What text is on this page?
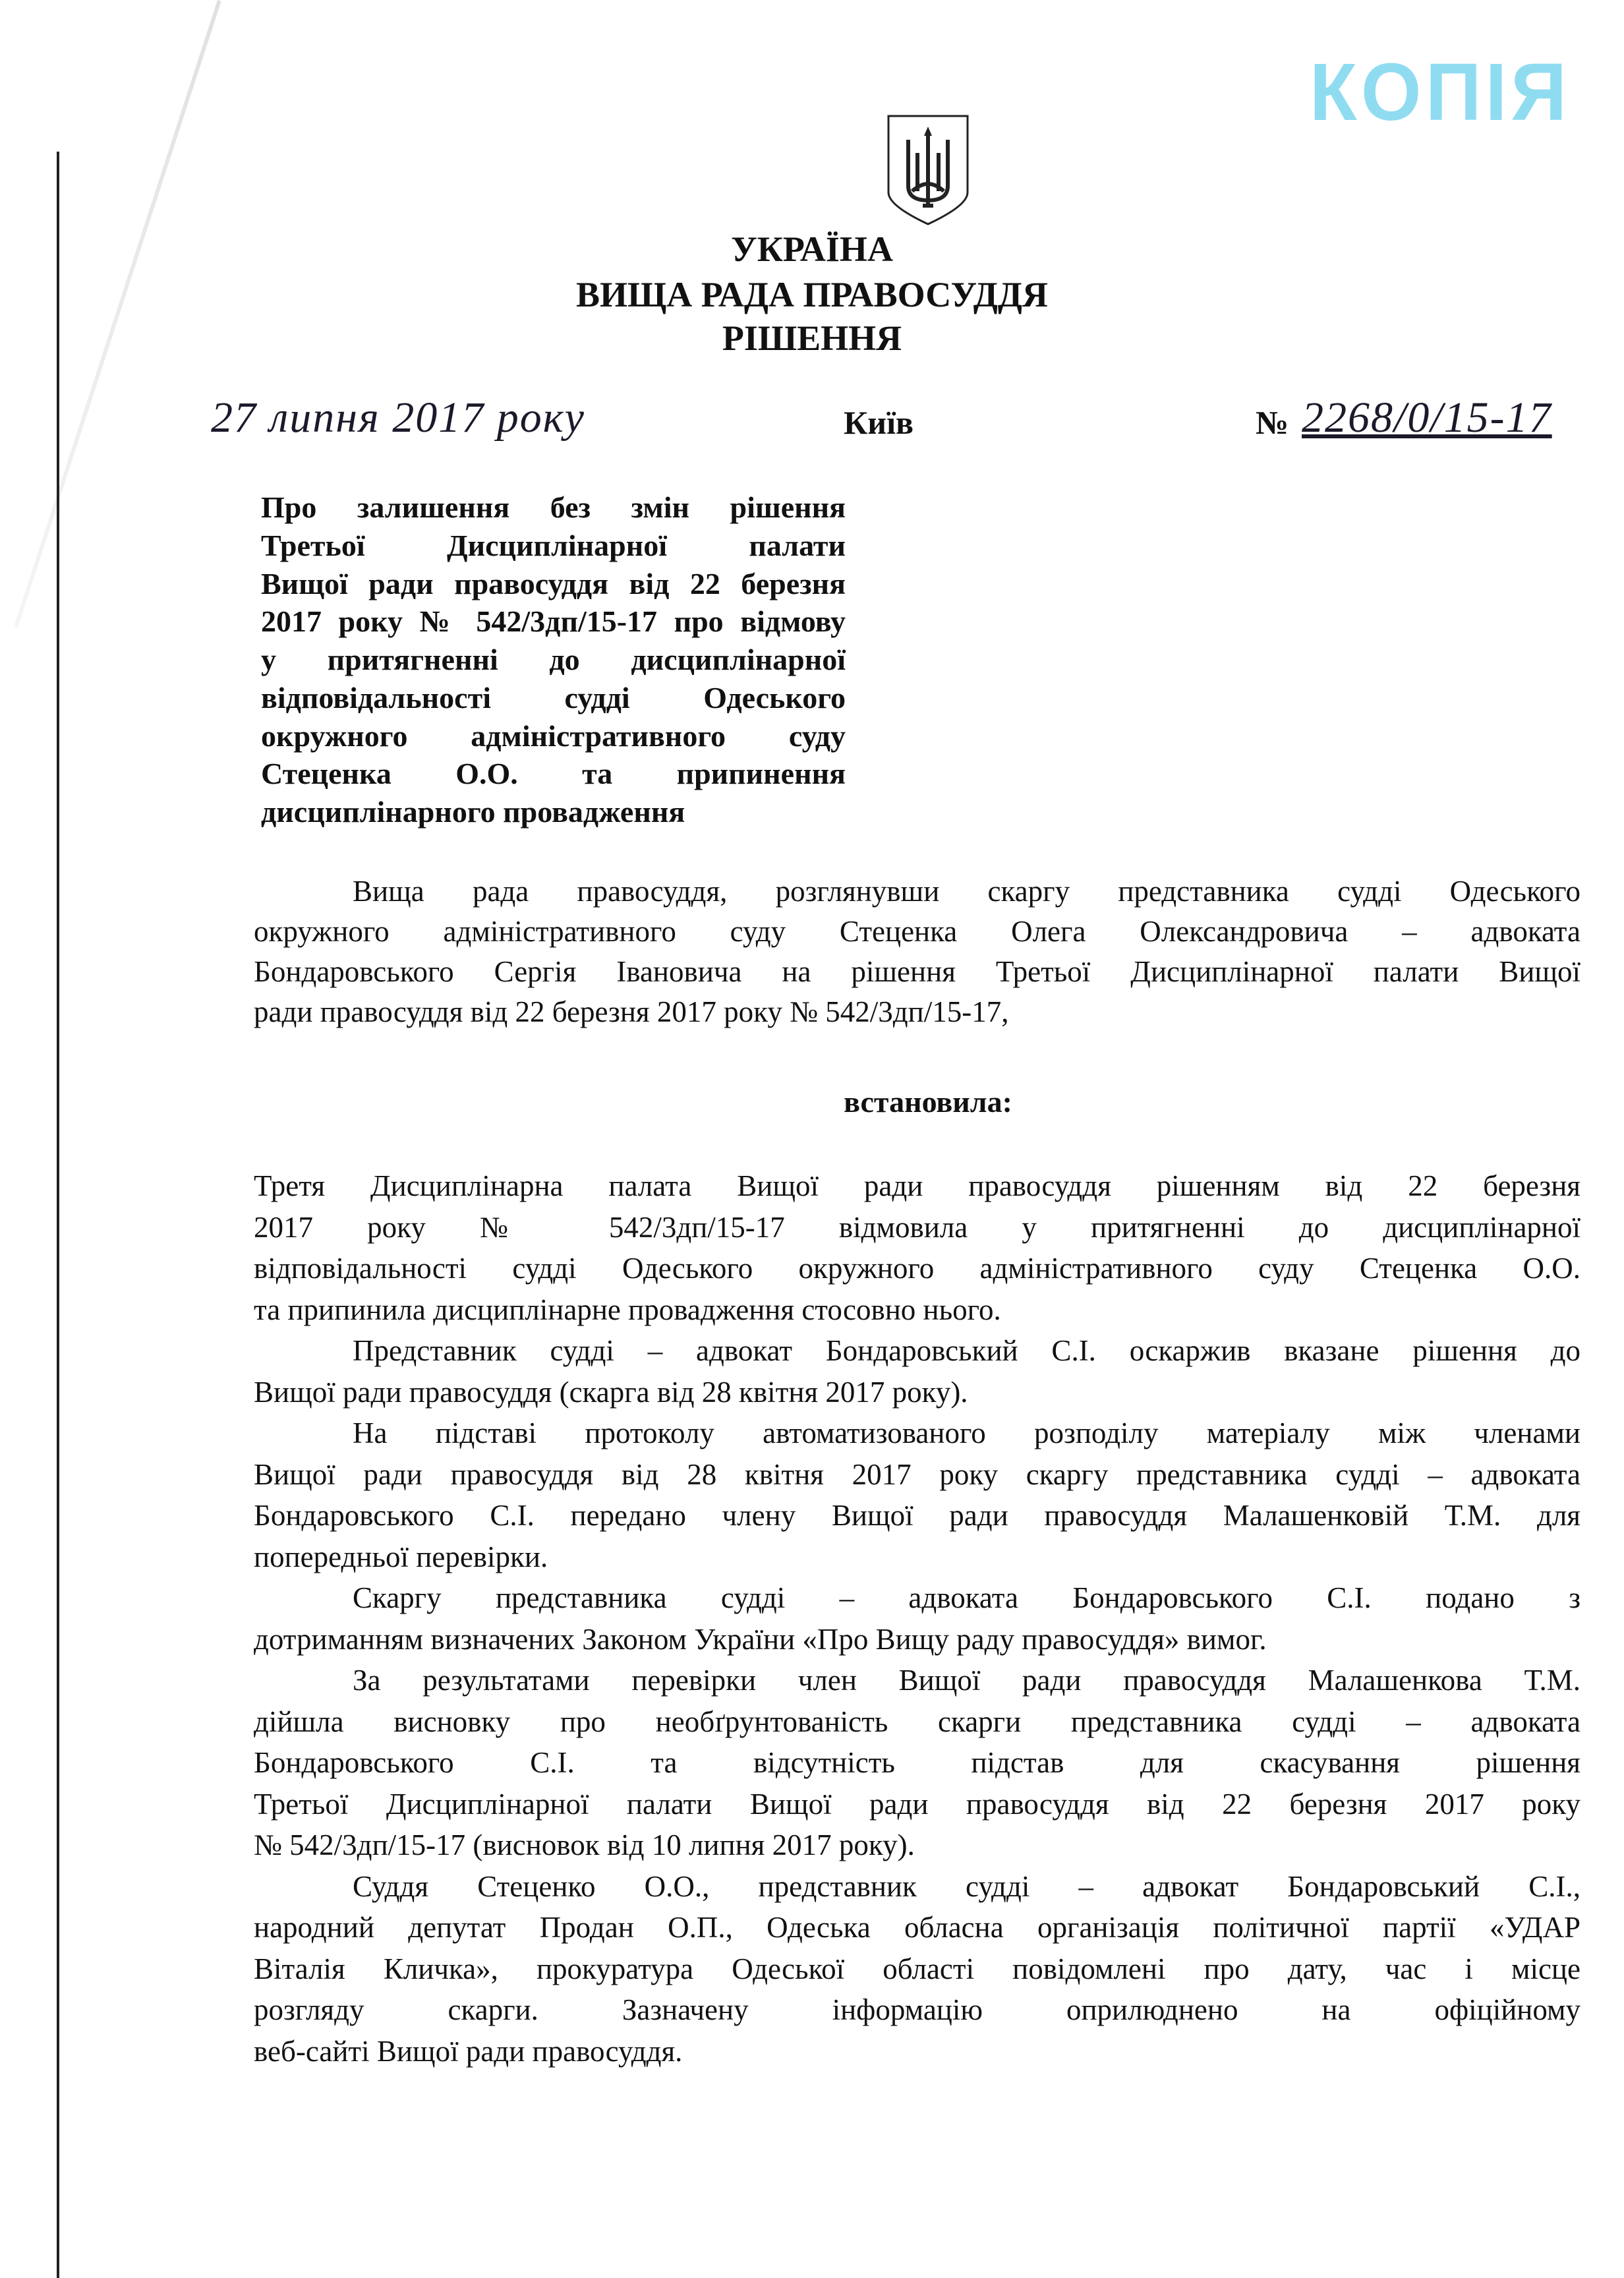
КОПІЯ
УКРАЇНА
ВИЩА РАДА ПРАВОСУДДЯ
РІШЕННЯ
27 липня 2017 року	Київ	№ 2268/0/15-17
Про залишення без змін рішення
Третьої Дисциплінарної палати
Вищої ради правосуддя від 22 березня
2017 року № 542/3дп/15-17 про відмову
у притягненні до дисциплінарної
відповідальності судді Одеського
окружного адміністративного суду
Стеценка О.О. та припинення
дисциплінарного провадження
Вища рада правосуддя, розглянувши скаргу представника судді Одеського
окружного адміністративного суду Стеценка Олега Олександровича – адвоката
Бондаровського Сергія Івановича на рішення Третьої Дисциплінарної палати Вищої
ради правосуддя від 22 березня 2017 року № 542/3дп/15-17,
встановила:
Третя Дисциплінарна палата Вищої ради правосуддя рішенням від 22 березня
2017 року № 542/3дп/15-17 відмовила у притягненні до дисциплінарної
відповідальності судді Одеського окружного адміністративного суду Стеценка О.О.
та припинила дисциплінарне провадження стосовно нього.
Представник судді – адвокат Бондаровський С.І. оскаржив вказане рішення до
Вищої ради правосуддя (скарга від 28 квітня 2017 року).
На підставі протоколу автоматизованого розподілу матеріалу між членами
Вищої ради правосуддя від 28 квітня 2017 року скаргу представника судді – адвоката
Бондаровського С.І. передано члену Вищої ради правосуддя Малашенковій Т.М. для
попередньої перевірки.
Скаргу представника судді – адвоката Бондаровського С.І. подано з
дотриманням визначених Законом України «Про Вищу раду правосуддя» вимог.
За результатами перевірки член Вищої ради правосуддя Малашенкова Т.М.
дійшла висновку про необґрунтованість скарги представника судді – адвоката
Бондаровського С.І. та відсутність підстав для скасування рішення
Третьої Дисциплінарної палати Вищої ради правосуддя від 22 березня 2017 року
№ 542/3дп/15-17 (висновок від 10 липня 2017 року).
Суддя Стеценко О.О., представник судді – адвокат Бондаровський С.І.,
народний депутат Продан О.П., Одеська обласна організація політичної партії «УДАР
Віталія Кличка», прокуратура Одеської області повідомлені про дату, час і місце
розгляду скарги. Зазначену інформацію оприлюднено на офіційному
веб-сайті Вищої ради правосуддя.
